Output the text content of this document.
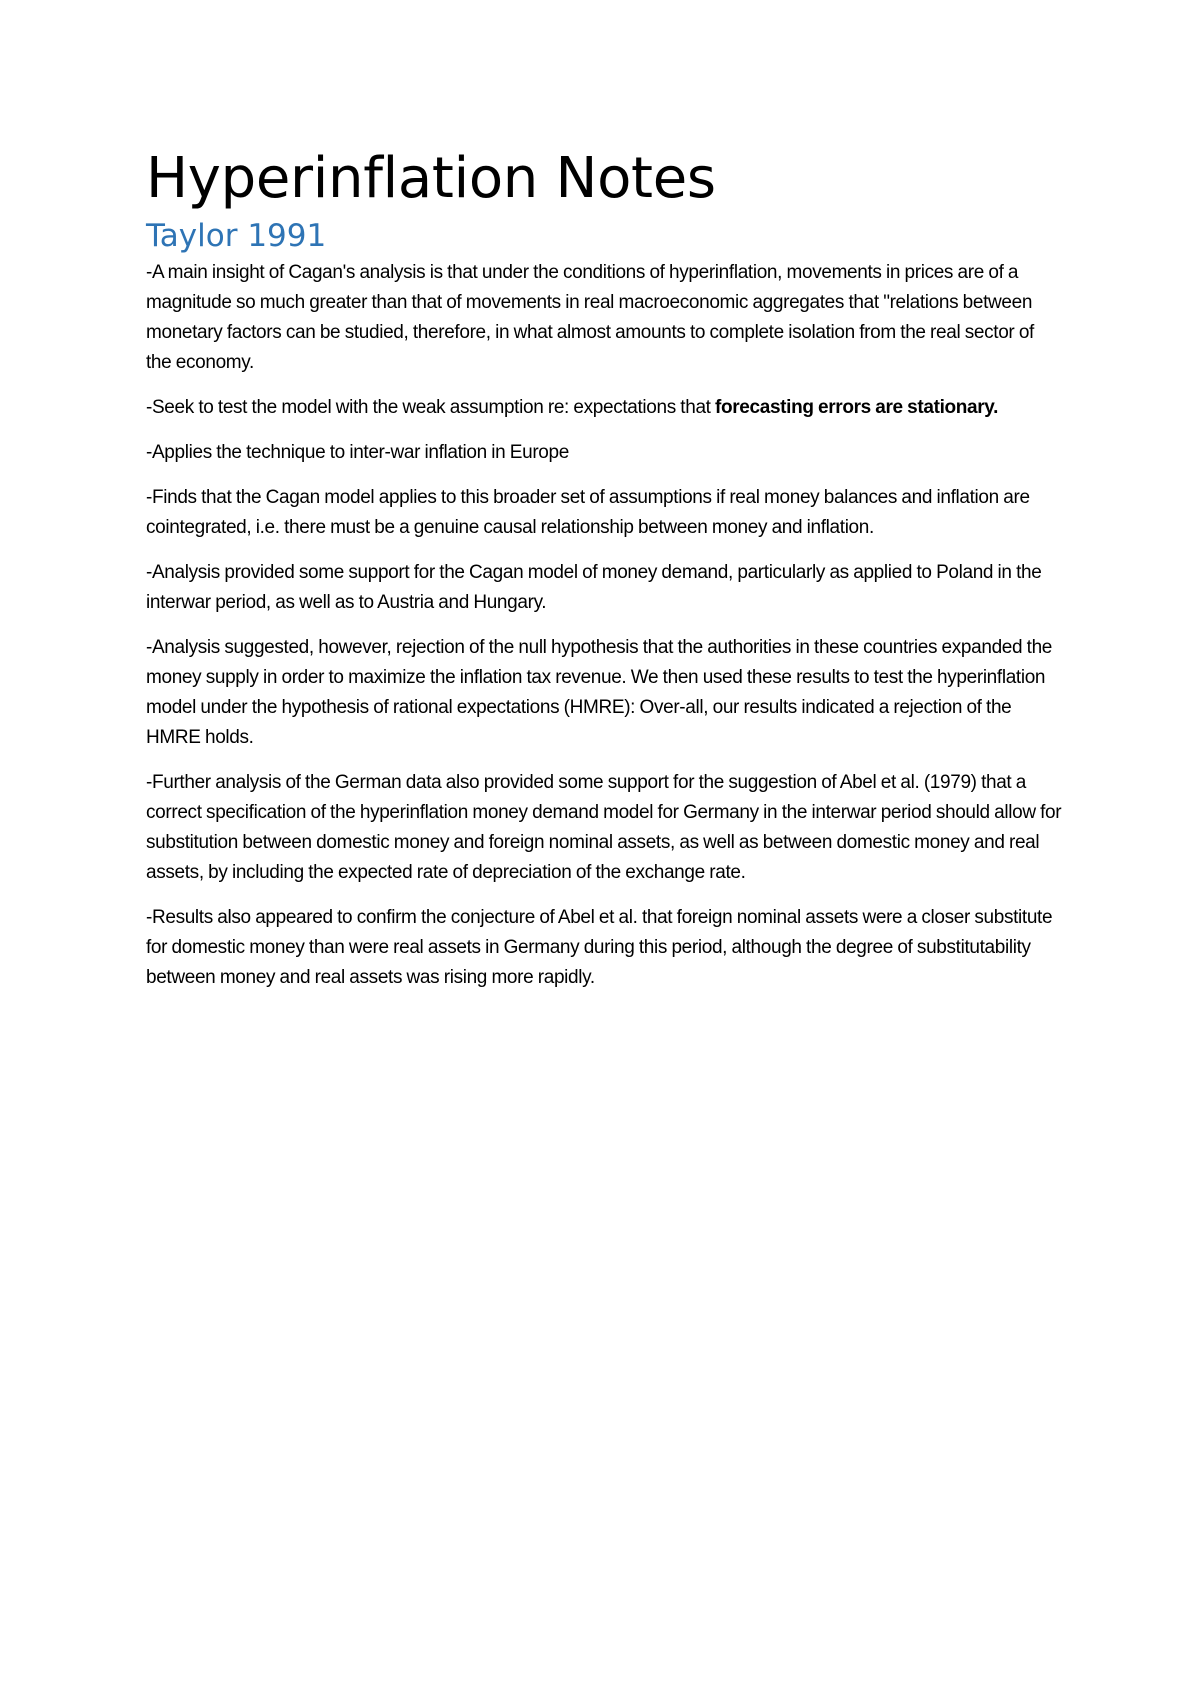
Hyperinflation Notes
Taylor 1991

-A main insight of Cagan's analysis is that under the conditions of hyperinflation, movements in prices are of a magnitude so much greater than that of movements in real macroeconomic aggregates that "relations between monetary factors can be studied, therefore, in what almost amounts to complete isolation from the real sector of the economy.

-Seek to test the model with the weak assumption re: expectations that forecasting errors are stationary.

-Applies the technique to inter-war inflation in Europe

-Finds that the Cagan model applies to this broader set of assumptions if real money balances and inflation are cointegrated, i.e. there must be a genuine causal relationship between money and inflation.

-Analysis provided some support for the Cagan model of money demand, particularly as applied to Poland in the interwar period, as well as to Austria and Hungary.

-Analysis suggested, however, rejection of the null hypothesis that the authorities in these countries expanded the money supply in order to maximize the inflation tax revenue. We then used these results to test the hyperinflation model under the hypothesis of rational expectations (HMRE): Over-all, our results indicated a rejection of the HMRE holds.

-Further analysis of the German data also provided some support for the suggestion of Abel et al. (1979) that a correct specification of the hyperinflation money demand model for Germany in the interwar period should allow for substitution between domestic money and foreign nominal assets, as well as between domestic money and real assets, by including the expected rate of depreciation of the exchange rate.

-Results also appeared to confirm the conjecture of Abel et al. that foreign nominal assets were a closer substitute for domestic money than were real assets in Germany during this period, although the degree of substitutability between money and real assets was rising more rapidly.
